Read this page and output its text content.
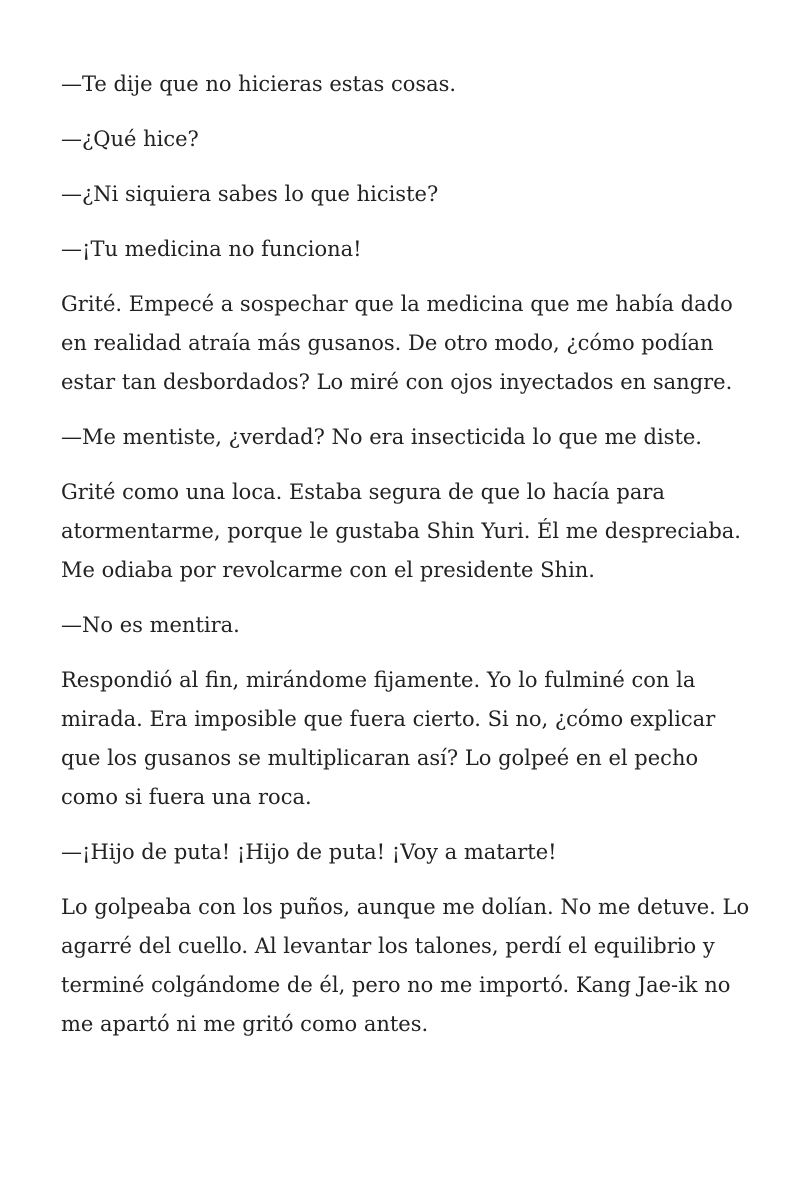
—Te dije que no hicieras estas cosas.

—¿Qué hice?

—¿Ni siquiera sabes lo que hiciste?

—¡Tu medicina no funciona!

Grité. Empecé a sospechar que la medicina que me había dado en realidad atraía más gusanos. De otro modo, ¿cómo podían estar tan desbordados? Lo miré con ojos inyectados en sangre.

—Me mentiste, ¿verdad? No era insecticida lo que me diste.

Grité como una loca. Estaba segura de que lo hacía para atormentarme, porque le gustaba Shin Yuri. Él me despreciaba. Me odiaba por revolcarme con el presidente Shin.

—No es mentira.

Respondió al fin, mirándome fijamente. Yo lo fulminé con la mirada. Era imposible que fuera cierto. Si no, ¿cómo explicar que los gusanos se multiplicaran así? Lo golpeé en el pecho como si fuera una roca.

—¡Hijo de puta! ¡Hijo de puta! ¡Voy a matarte!

Lo golpeaba con los puños, aunque me dolían. No me detuve. Lo agarré del cuello. Al levantar los talones, perdí el equilibrio y terminé colgándome de él, pero no me importó. Kang Jae-ik no me apartó ni me gritó como antes.
